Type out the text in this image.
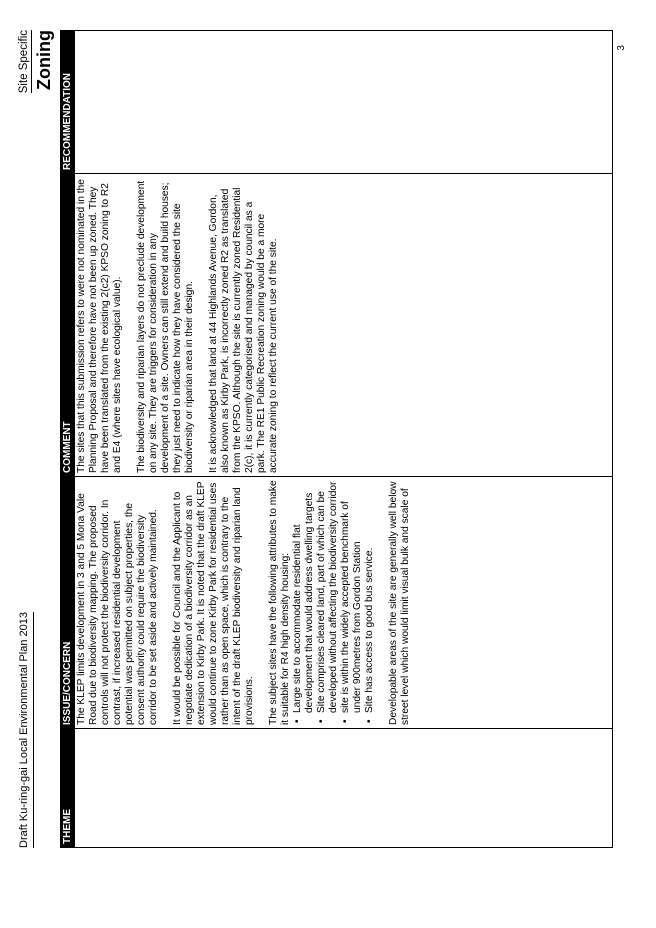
Draft Ku-ring-gai Local Environmental Plan 2013
Site Specific Zoning
THEME
ISSUE/CONCERN
COMMENT
RECOMMENDATION

The KLEP limits development in 3 and 5 Mona Vale Road due to biodiversity mapping. The proposed controls will not protect the biodiversity corridor. In contrast, if increased residential development potential was permitted on subject properties, the consent authority could require the biodiversity corridor to be set aside and actively maintained. It would be possible for Council and the Applicant to negotiate dedication of a biodiversity corridor as an extension to Kirby Park. It is noted that the draft KLEP would continue to zone Kirby Park for residential uses rather than as open space, which is contrary to the intent of the draft KLEP biodiversity and riparian land provisions. The subject sites have the following attributes to make it suitable for R4 high density housing: • Large site to accommodate residential flat development that would address dwelling targets • Site comprises cleared land, part of which can be developed without affecting the biodiversity corridor • site is within the widely accepted benchmark of under 900metres from Gordon Station • Site has access to good bus service. Developable areas of the site are generally well below street level which would limit visual bulk and scale of

The sites that this submission refers to were not nominated in the Planning Proposal and therefore have not been up zoned. They have been translated from the existing 2(c2) KPSO zoning to R2 and E4 (where sites have ecological value). The biodiversity and riparian layers do not preclude development on any site. They are triggers for consideration in any development of a site. Owners can still extend and build houses; they just need to indicate how they have considered the site biodiversity or riparian area in their design. It is acknowledged that land at 44 Highlands Avenue, Gordon, also known as Kirby Park, is incorrectly zoned R2 as translated from the KPSO. Although the site is currently zoned Residential 2(c), it is currently categorised and managed by council as a park. The RE1 Public Recreation zoning would be a more accurate zoning to reflect the current use of the site.

3
